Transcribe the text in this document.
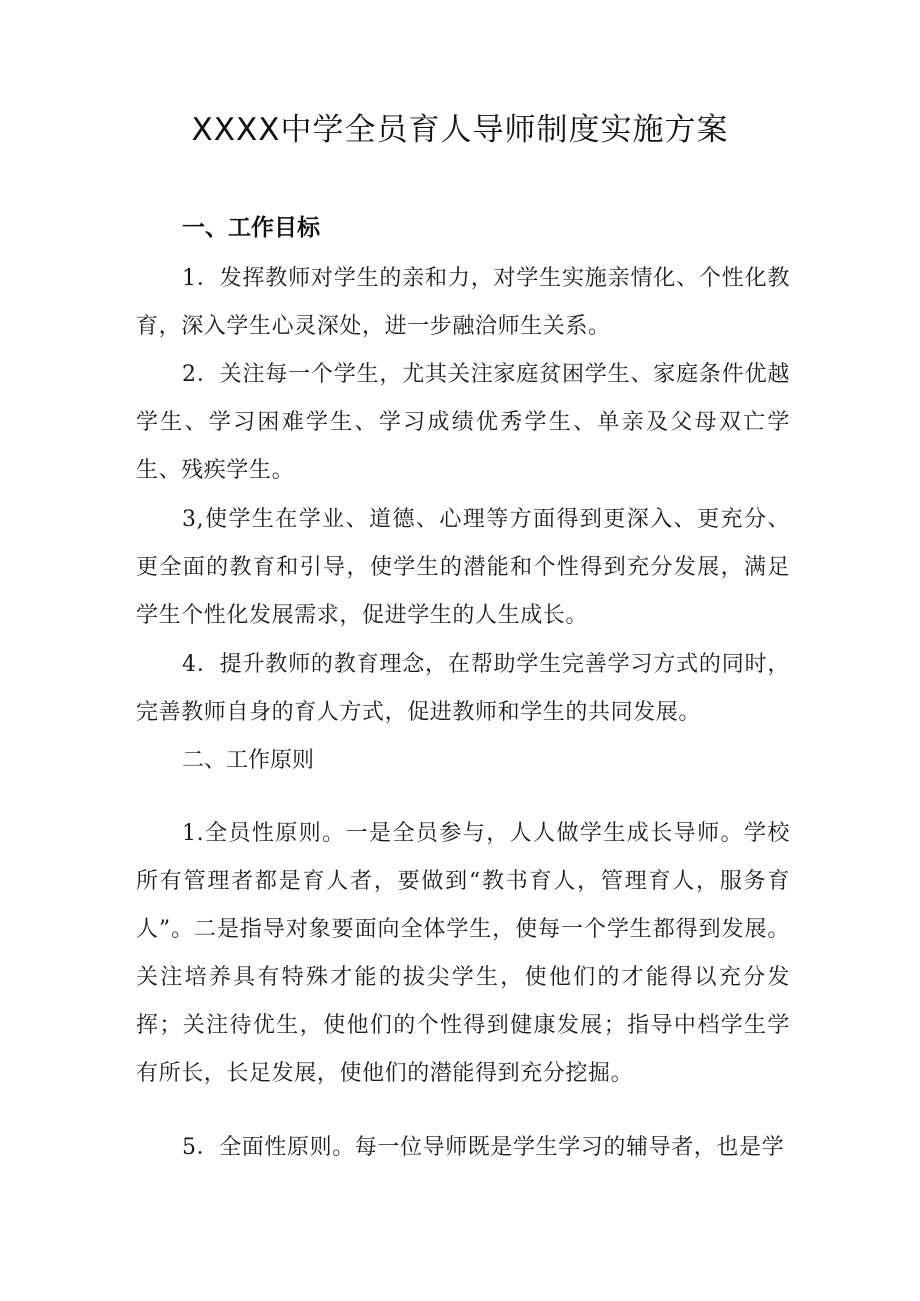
XXXX中学全员育人导师制度实施方案
一、工作目标

1．发挥教师对学生的亲和力，对学生实施亲情化、个性化教育，深入学生心灵深处，进一步融洽师生关系。

2．关注每一个学生，尤其关注家庭贫困学生、家庭条件优越学生、学习困难学生、学习成绩优秀学生、单亲及父母双亡学生、残疾学生。

3,使学生在学业、道德、心理等方面得到更深入、更充分、更全面的教育和引导，使学生的潜能和个性得到充分发展，满足学生个性化发展需求，促进学生的人生成长。

4．提升教师的教育理念，在帮助学生完善学习方式的同时，完善教师自身的育人方式，促进教师和学生的共同发展。

二、工作原则

1.全员性原则。一是全员参与，人人做学生成长导师。学校所有管理者都是育人者，要做到“教书育人，管理育人，服务育人”。二是指导对象要面向全体学生，使每一个学生都得到发展。关注培养具有特殊才能的拔尖学生，使他们的才能得以充分发挥；关注待优生，使他们的个性得到健康发展；指导中档学生学有所长，长足发展，使他们的潜能得到充分挖掘。

5．全面性原则。每一位导师既是学生学习的辅导者，也是学
